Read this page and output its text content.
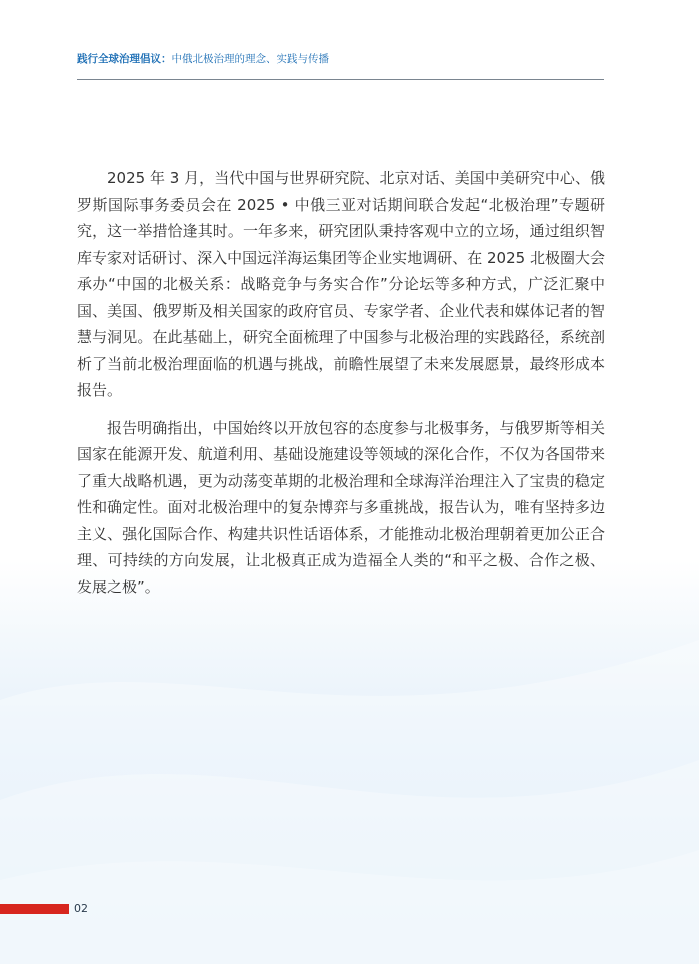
践行全球治理倡议：中俄北极治理的理念、实践与传播

2025 年 3 月，当代中国与世界研究院、北京对话、美国中美研究中心、俄罗斯国际事务委员会在 2025 • 中俄三亚对话期间联合发起“北极治理”专题研究，这一举措恰逢其时。一年多来，研究团队秉持客观中立的立场，通过组织智库专家对话研讨、深入中国远洋海运集团等企业实地调研、在 2025 北极圈大会承办“中国的北极关系：战略竞争与务实合作”分论坛等多种方式，广泛汇聚中国、美国、俄罗斯及相关国家的政府官员、专家学者、企业代表和媒体记者的智慧与洞见。在此基础上，研究全面梳理了中国参与北极治理的实践路径，系统剖析了当前北极治理面临的机遇与挑战，前瞻性展望了未来发展愿景，最终形成本报告。

报告明确指出，中国始终以开放包容的态度参与北极事务，与俄罗斯等相关国家在能源开发、航道利用、基础设施建设等领域的深化合作，不仅为各国带来了重大战略机遇，更为动荡变革期的北极治理和全球海洋治理注入了宝贵的稳定性和确定性。面对北极治理中的复杂博弈与多重挑战，报告认为，唯有坚持多边主义、强化国际合作、构建共识性话语体系，才能推动北极治理朝着更加公正合理、可持续的方向发展，让北极真正成为造福全人类的“和平之极、合作之极、发展之极”。

02
